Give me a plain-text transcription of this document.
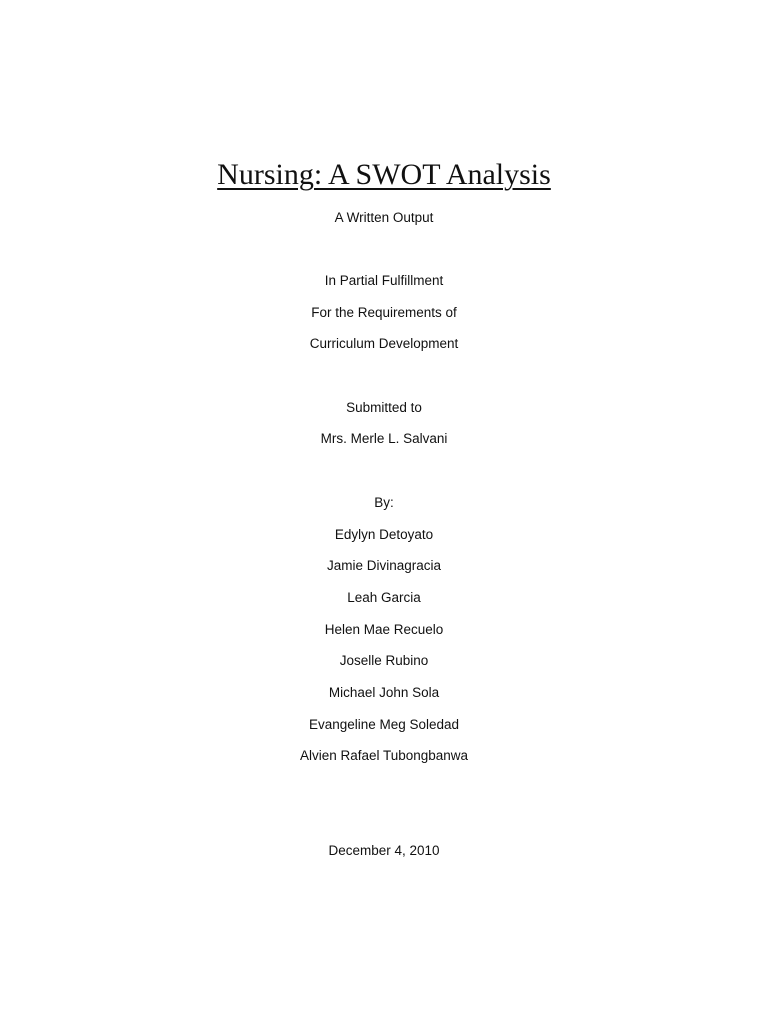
Nursing: A SWOT Analysis
A Written Output
In Partial Fulfillment
For the Requirements of
Curriculum Development
Submitted to
Mrs. Merle L. Salvani
By:
Edylyn Detoyato
Jamie Divinagracia
Leah Garcia
Helen Mae Recuelo
Joselle Rubino
Michael John Sola
Evangeline Meg Soledad
Alvien Rafael Tubongbanwa
December 4, 2010
